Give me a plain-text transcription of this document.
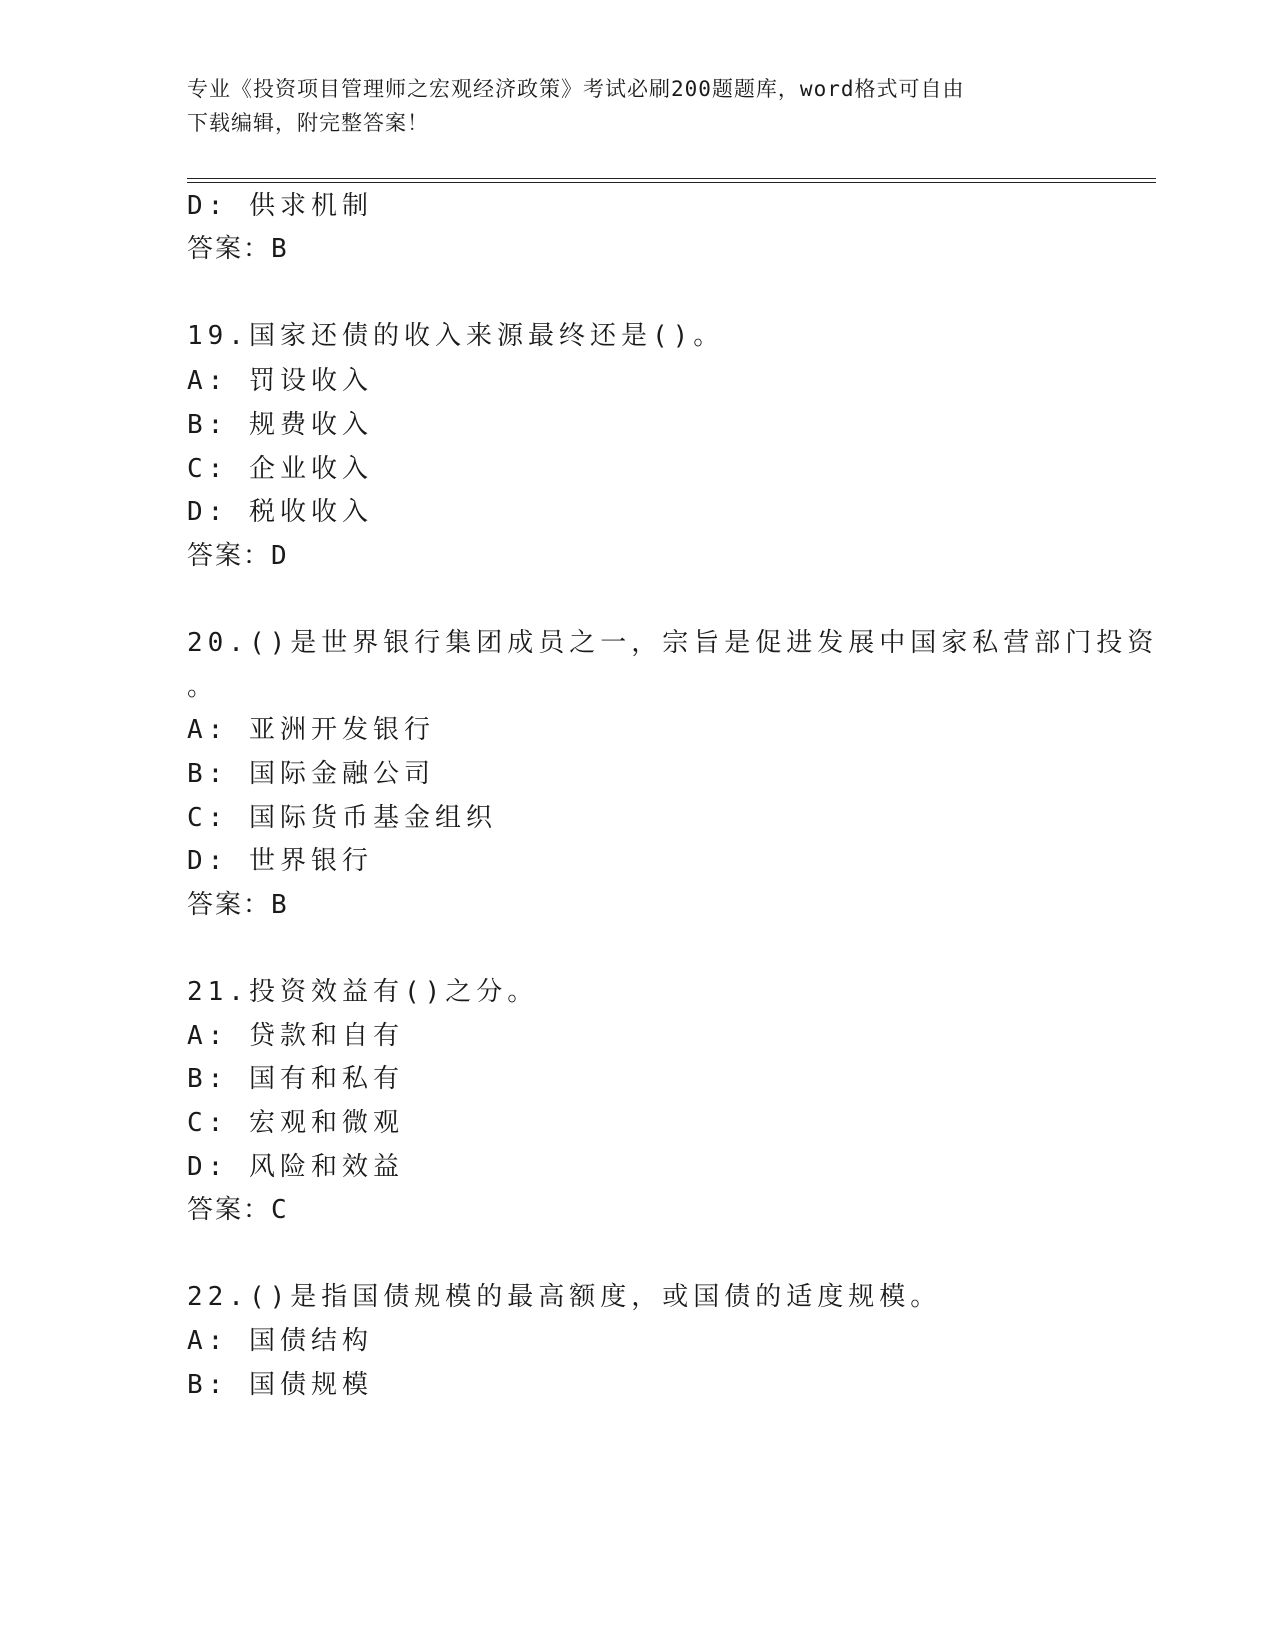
专业《投资项目管理师之宏观经济政策》考试必刷200题题库，word格式可自由
下载编辑，附完整答案！
D: 供求机制
答案：B
19.国家还债的收入来源最终还是()。
A: 罚设收入
B: 规费收入
C: 企业收入
D: 税收收入
答案：D
20.()是世界银行集团成员之一，宗旨是促进发展中国家私营部门投资
。
A: 亚洲开发银行
B: 国际金融公司
C: 国际货币基金组织
D: 世界银行
答案：B
21.投资效益有()之分。
A: 贷款和自有
B: 国有和私有
C: 宏观和微观
D: 风险和效益
答案：C
22.()是指国债规模的最高额度，或国债的适度规模。
A: 国债结构
B: 国债规模
